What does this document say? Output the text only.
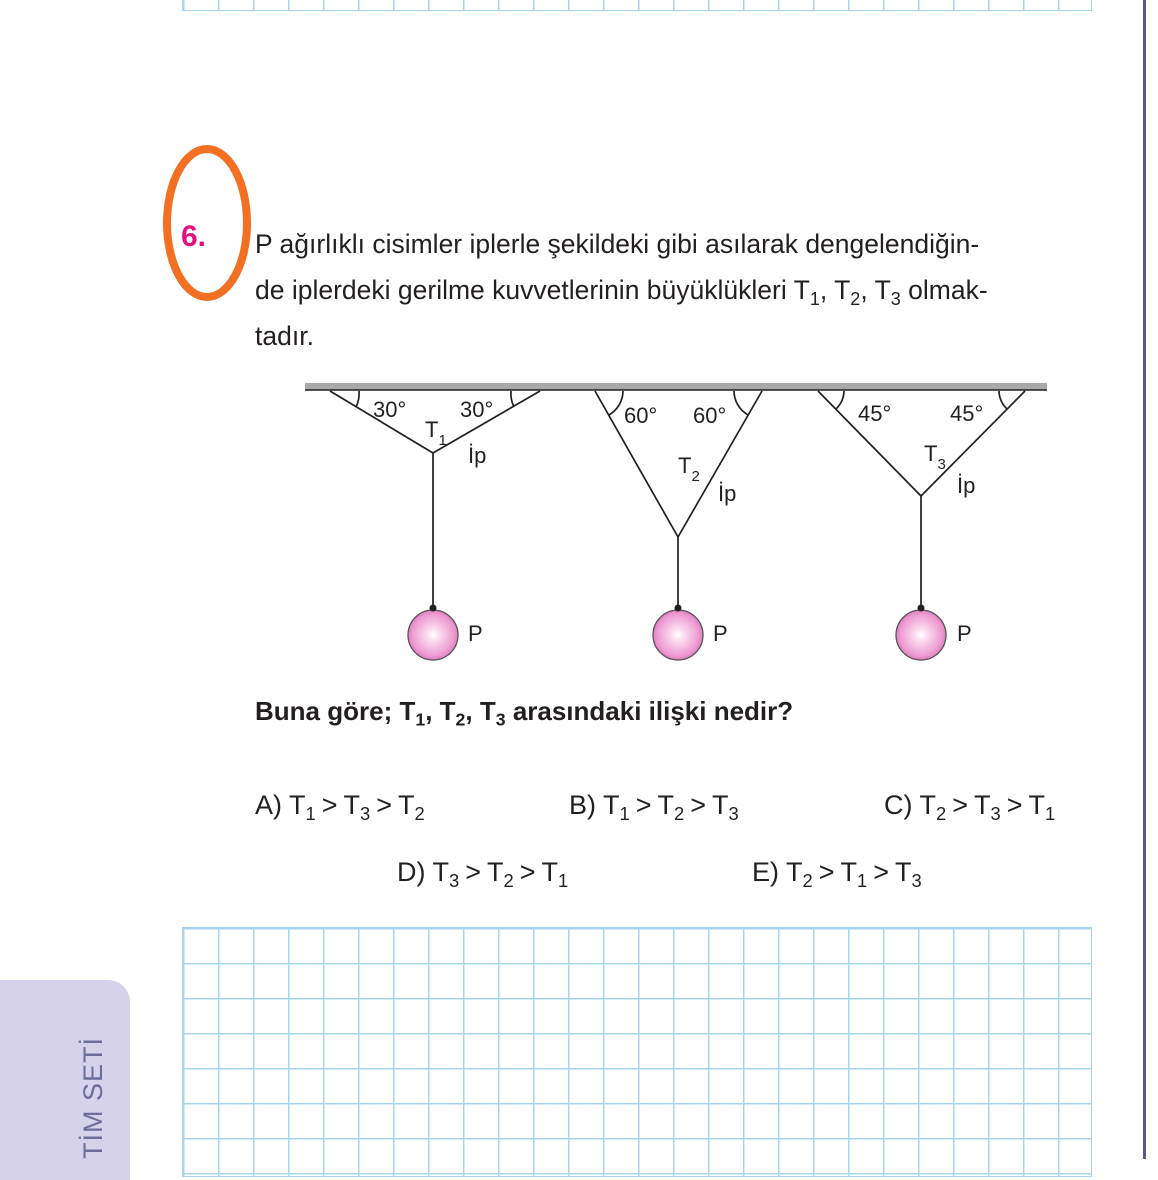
6. P ağırlıklı cisimler iplerle şekildeki gibi asılarak dengelendiğin-
de iplerdeki gerilme kuvvetlerinin büyüklükleri $T_1$, $T_2$, $T_3$ olmak-
tadır.

30° 30°
$T_1$
İp
P
60° 60°
$T_2$
İp
P
45°	45°
$T_3$
İp
P

Buna göre; $T_1$, $T_2$, $T_3$ arasındaki ilişki nedir?

A) $T_1 > T_3 > T_2$	B) $T_1 > T_2 > T_3$	C) $T_2 > T_3 > T_1$
D) $T_3 > T_2 > T_1$	E) $T_2 > T_1 > T_3$
TİM SETİ
